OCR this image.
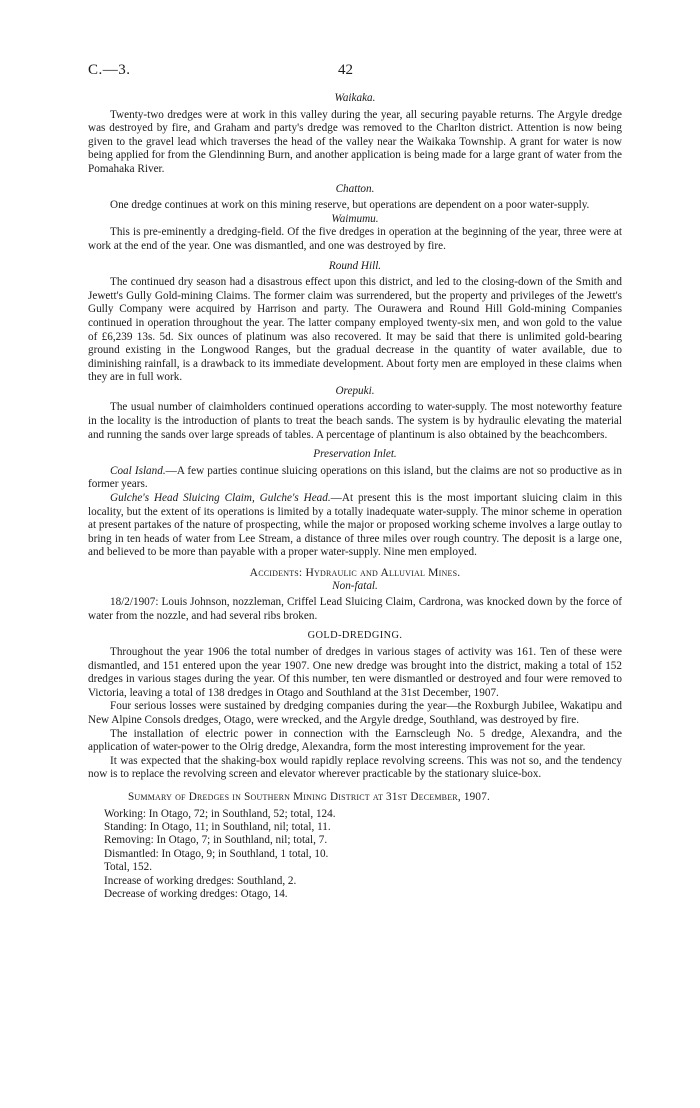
C.—3.	42
Waikaka.

Twenty-two dredges were at work in this valley during the year, all securing payable returns. The Argyle dredge was destroyed by fire, and Graham and party's dredge was removed to the Charlton district. Attention is now being given to the gravel lead which traverses the head of the valley near the Waikaka Township. A grant for water is now being applied for from the Glendinning Burn, and another application is being made for a large grant of water from the Pomahaka River.

Chatton.

One dredge continues at work on this mining reserve, but operations are dependent on a poor water-supply.

Waimumu.

This is pre-eminently a dredging-field. Of the five dredges in operation at the beginning of the year, three were at work at the end of the year. One was dismantled, and one was destroyed by fire.

Round Hill.

The continued dry season had a disastrous effect upon this district, and led to the closing-down of the Smith and Jewett's Gully Gold-mining Claims. The former claim was surrendered, but the property and privileges of the Jewett's Gully Company were acquired by Harrison and party. The Ourawera and Round Hill Gold-mining Companies continued in operation throughout the year. The latter company employed twenty-six men, and won gold to the value of £6,239 13s. 5d. Six ounces of platinum was also recovered. It may be said that there is unlimited gold-bearing ground existing in the Longwood Ranges, but the gradual decrease in the quantity of water available, due to diminishing rainfall, is a drawback to its immediate development. About forty men are employed in these claims when they are in full work.

Orepuki.

The usual number of claimholders continued operations according to water-supply. The most noteworthy feature in the locality is the introduction of plants to treat the beach sands. The system is by hydraulic elevating the material and running the sands over large spreads of tables. A percentage of plantinum is also obtained by the beachcombers.

Preservation Inlet.

Coal Island.—A few parties continue sluicing operations on this island, but the claims are not so productive as in former years.

Gulche's Head Sluicing Claim, Gulche's Head.—At present this is the most important sluicing claim in this locality, but the extent of its operations is limited by a totally inadequate water-supply. The minor scheme in operation at present partakes of the nature of prospecting, while the major or proposed working scheme involves a large outlay to bring in ten heads of water from Lee Stream, a distance of three miles over rough country. The deposit is a large one, and believed to be more than payable with a proper water-supply. Nine men employed.

Accidents: Hydraulic and Alluvial Mines.
Non-fatal.

18/2/1907: Louis Johnson, nozzleman, Criffel Lead Sluicing Claim, Cardrona, was knocked down by the force of water from the nozzle, and had several ribs broken.

GOLD-DREDGING.

Throughout the year 1906 the total number of dredges in various stages of activity was 161. Ten of these were dismantled, and 151 entered upon the year 1907. One new dredge was brought into the district, making a total of 152 dredges in various stages during the year. Of this number, ten were dismantled or destroyed and four were removed to Victoria, leaving a total of 138 dredges in Otago and Southland at the 31st December, 1907.

Four serious losses were sustained by dredging companies during the year—the Roxburgh Jubilee, Wakatipu and New Alpine Consols dredges, Otago, were wrecked, and the Argyle dredge, Southland, was destroyed by fire.

The installation of electric power in connection with the Earnscleugh No. 5 dredge, Alexandra, and the application of water-power to the Olrig dredge, Alexandra, form the most interesting improvement for the year.

It was expected that the shaking-box would rapidly replace revolving screens. This was not so, and the tendency now is to replace the revolving screen and elevator wherever practicable by the stationary sluice-box.

Summary of Dredges in Southern Mining District at 31st December, 1907.
Working: In Otago, 72; in Southland, 52; total, 124.
Standing: In Otago, 11; in Southland, nil; total, 11.
Removing: In Otago, 7; in Southland, nil; total, 7.
Dismantled: In Otago, 9; in Southland, 1 total, 10.
Total, 152.
Increase of working dredges: Southland, 2.
Decrease of working dredges: Otago, 14.
